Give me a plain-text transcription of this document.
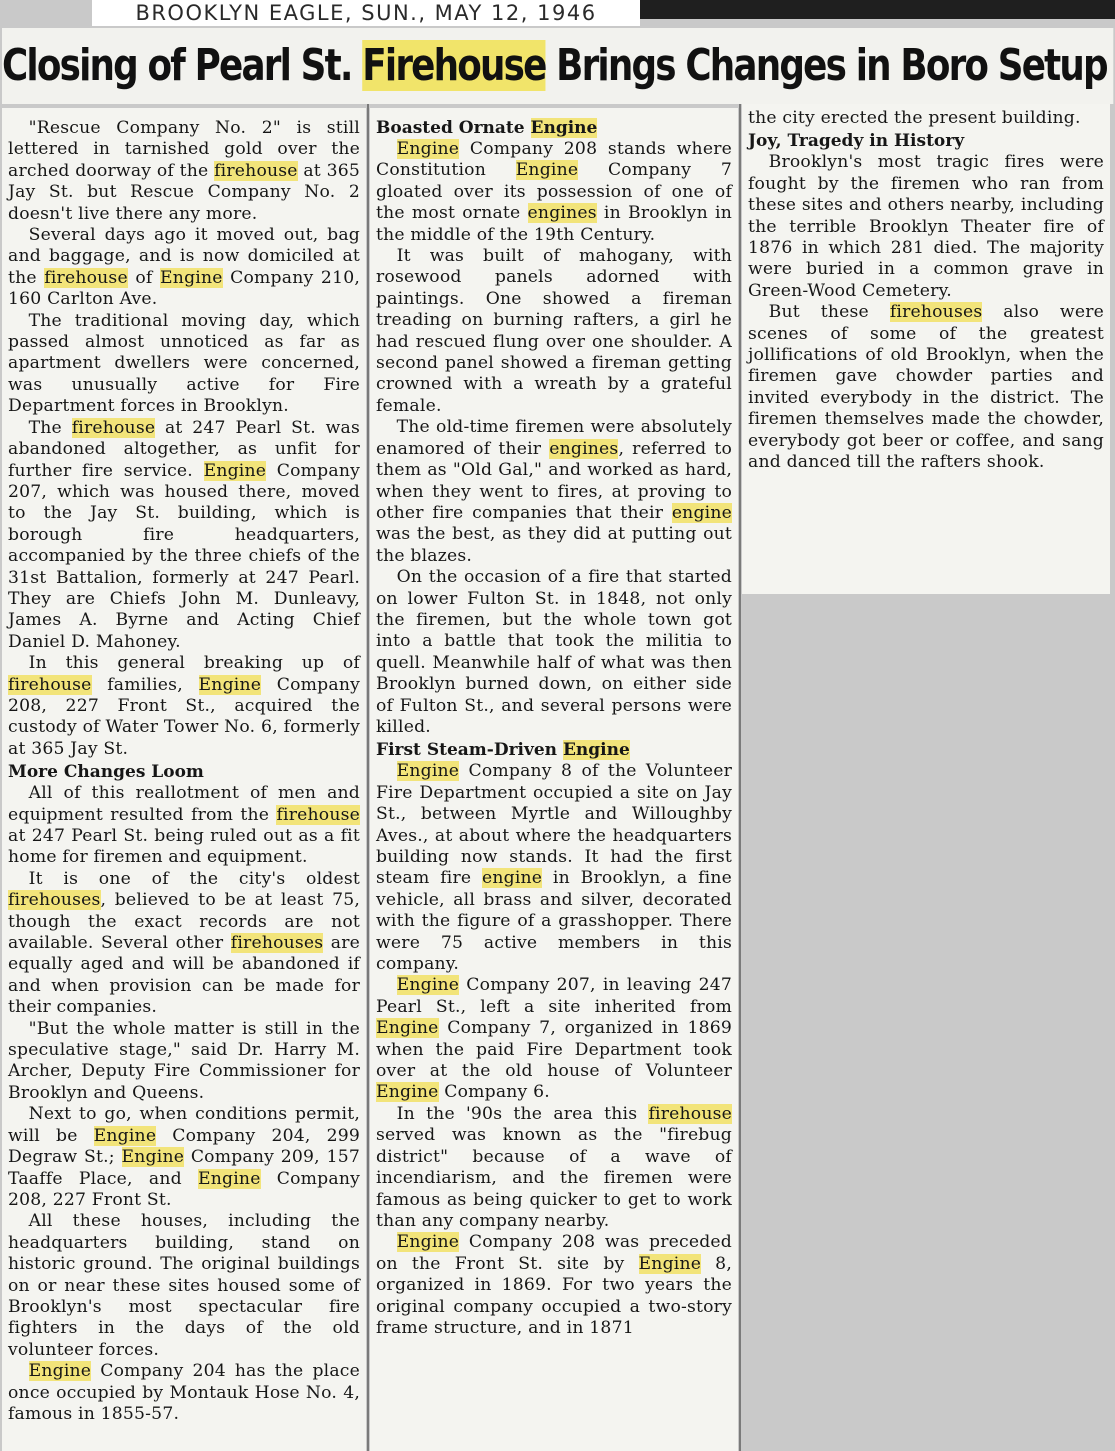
BROOKLYN EAGLE, SUN., MAY 12, 1946
Closing of Pearl St. Firehouse Brings Changes in Boro Setup

"Rescue Company No. 2" is still lettered in tarnished gold over the arched doorway of the firehouse at 365 Jay St. but Rescue Company No. 2 doesn't live there any more.

Several days ago it moved out, bag and baggage, and is now domiciled at the firehouse of Engine Company 210, 160 Carlton Ave.

The traditional moving day, which passed almost unnoticed as far as apartment dwellers were concerned, was unusually active for Fire Department forces in Brooklyn.

The firehouse at 247 Pearl St. was abandoned altogether, as unfit for further fire service. Engine Company 207, which was housed there, moved to the Jay St. building, which is borough fire headquarters, accompanied by the three chiefs of the 31st Battalion, formerly at 247 Pearl. They are Chiefs John M. Dunleavy, James A. Byrne and Acting Chief Daniel D. Mahoney.

In this general breaking up of firehouse families, Engine Company 208, 227 Front St., acquired the custody of Water Tower No. 6, formerly at 365 Jay St.

More Changes Loom

All of this reallotment of men and equipment resulted from the firehouse at 247 Pearl St. being ruled out as a fit home for firemen and equipment.

It is one of the city's oldest firehouses, believed to be at least 75, though the exact records are not available. Several other firehouses are equally aged and will be abandoned if and when provision can be made for their companies.

"But the whole matter is still in the speculative stage," said Dr. Harry M. Archer, Deputy Fire Commissioner for Brooklyn and Queens.

Next to go, when conditions permit, will be Engine Company 204, 299 Degraw St.; Engine Company 209, 157 Taaffe Place, and Engine Company 208, 227 Front St.

All these houses, including the headquarters building, stand on historic ground. The original buildings on or near these sites housed some of Brooklyn's most spectacular fire fighters in the days of the old volunteer forces.

Engine Company 204 has the place once occupied by Montauk Hose No. 4, famous in 1855-57.

Boasted Ornate Engine

Engine Company 208 stands where Constitution Engine Company 7 gloated over its possession of one of the most ornate engines in Brooklyn in the middle of the 19th Century.

It was built of mahogany, with rosewood panels adorned with paintings. One showed a fireman treading on burning rafters, a girl he had rescued flung over one shoulder. A second panel showed a fireman getting crowned with a wreath by a grateful female.

The old-time firemen were absolutely enamored of their engines, referred to them as "Old Gal," and worked as hard, when they went to fires, at proving to other fire companies that their engine was the best, as they did at putting out the blazes.

On the occasion of a fire that started on lower Fulton St. in 1848, not only the firemen, but the whole town got into a battle that took the militia to quell. Meanwhile half of what was then Brooklyn burned down, on either side of Fulton St., and several persons were killed.

First Steam-Driven Engine

Engine Company 8 of the Volunteer Fire Department occupied a site on Jay St., between Myrtle and Willoughby Aves., at about where the headquarters building now stands. It had the first steam fire engine in Brooklyn, a fine vehicle, all brass and silver, decorated with the figure of a grasshopper. There were 75 active members in this company.

Engine Company 207, in leaving 247 Pearl St., left a site inherited from Engine Company 7, organized in 1869 when the paid Fire Department took over at the old house of Volunteer Engine Company 6.

In the '90s the area this firehouse served was known as the "firebug district" because of a wave of incendiarism, and the firemen were famous as being quicker to get to work than any company nearby.

Engine Company 208 was preceded on the Front St. site by Engine 8, organized in 1869. For two years the original company occupied a two-story frame structure, and in 1871

the city erected the present building.

Joy, Tragedy in History

Brooklyn's most tragic fires were fought by the firemen who ran from these sites and others nearby, including the terrible Brooklyn Theater fire of 1876 in which 281 died. The majority were buried in a common grave in Green-Wood Cemetery.

But these firehouses also were scenes of some of the greatest jollifications of old Brooklyn, when the firemen gave chowder parties and invited everybody in the district. The firemen themselves made the chowder, everybody got beer or coffee, and sang and danced till the rafters shook.
